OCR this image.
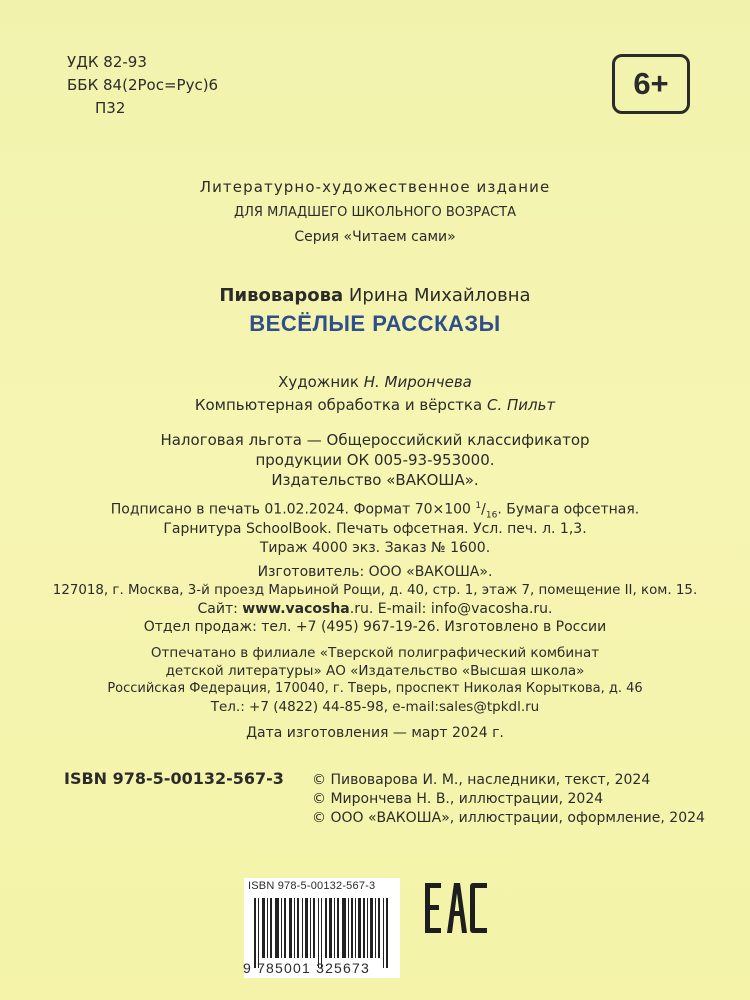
УДК 82-93
ББК 84(2Рос=Рус)6
П32
6+
Литературно-художественное издание
ДЛЯ МЛАДШЕГО ШКОЛЬНОГО ВОЗРАСТА
Серия «Читаем сами»
Пивоварова Ирина Михайловна
ВЕСЁЛЫЕ РАССКАЗЫ
Художник Н. Мирончева
Компьютерная обработка и вёрстка С. Пильт
Налоговая льгота — Общероссийский классификатор
продукции ОК 005-93-953000.
Издательство «ВАКОША».
Подписано в печать 01.02.2024. Формат 70×100 $^1/_{16}$. Бумага офсетная.
Гарнитура SchoolBook. Печать офсетная. Усл. печ. л. 1,3.
Тираж 4000 экз. Заказ № 1600.
Изготовитель: ООО «ВАКОША».
127018, г. Москва, 3-й проезд Марьиной Рощи, д. 40, стр. 1, этаж 7, помещение II, ком. 15.
Сайт: www.vacosha.ru. E-mail: info@vacosha.ru.
Отдел продаж: тел. +7 (495) 967-19-26. Изготовлено в России
Отпечатано в филиале «Тверской полиграфический комбинат
детской литературы» АО «Издательство «Высшая школа»
Российская Федерация, 170040, г. Тверь, проспект Николая Корыткова, д. 46
Тел.: +7 (4822) 44-85-98, e-mail:sales@tpkdl.ru
Дата изготовления — март 2024 г.
ISBN 978-5-00132-567-3 © Пивоварова И. М., наследники, текст, 2024
© Мирончева Н. В., иллюстрации, 2024
© ООО «ВАКОША», иллюстрации, оформление, 2024
ISBN 978-5-00132-567-3
9 785001 325673
